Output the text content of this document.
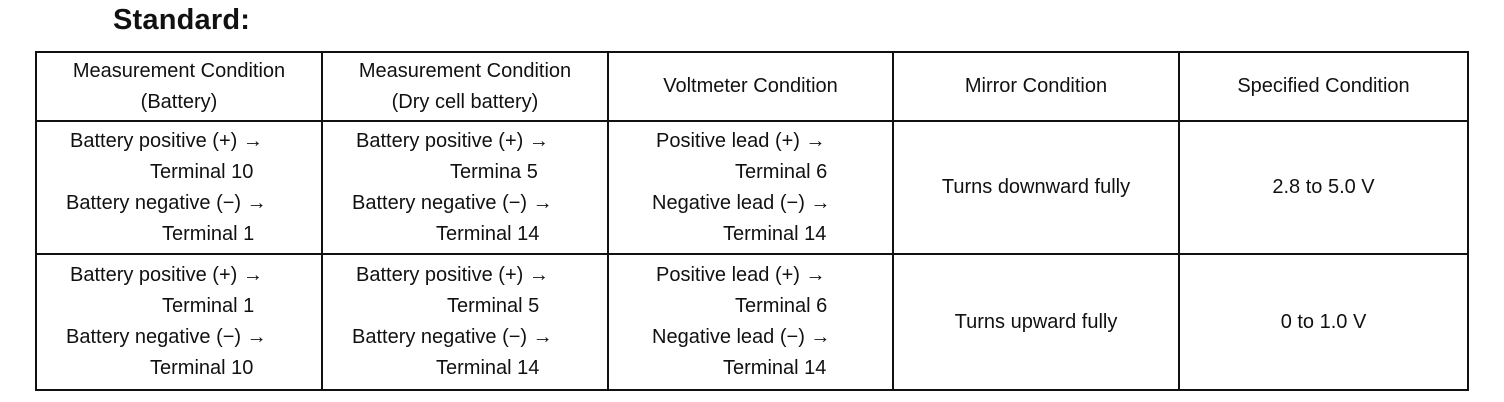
Standard:
Measurement Condition
(Battery)	Measurement Condition
(Dry cell battery)	Voltmeter Condition	Mirror Condition	Specified Condition

Battery positive (+) →
Terminal 10
Battery negative (−) →
Terminal 1	Battery positive (+) →
Termina 5
Battery negative (−) →
Terminal 14	Positive lead (+) →
Terminal 6
Negative lead (−) →
Terminal 14	Turns downward fully	2.8 to 5.0 V

Battery positive (+) →
Terminal 1
Battery negative (−) →
Terminal 10	Battery positive (+) →
Terminal 5
Battery negative (−) →
Terminal 14	Positive lead (+) →
Terminal 6
Negative lead (−) →
Terminal 14	Turns upward fully	0 to 1.0 V
